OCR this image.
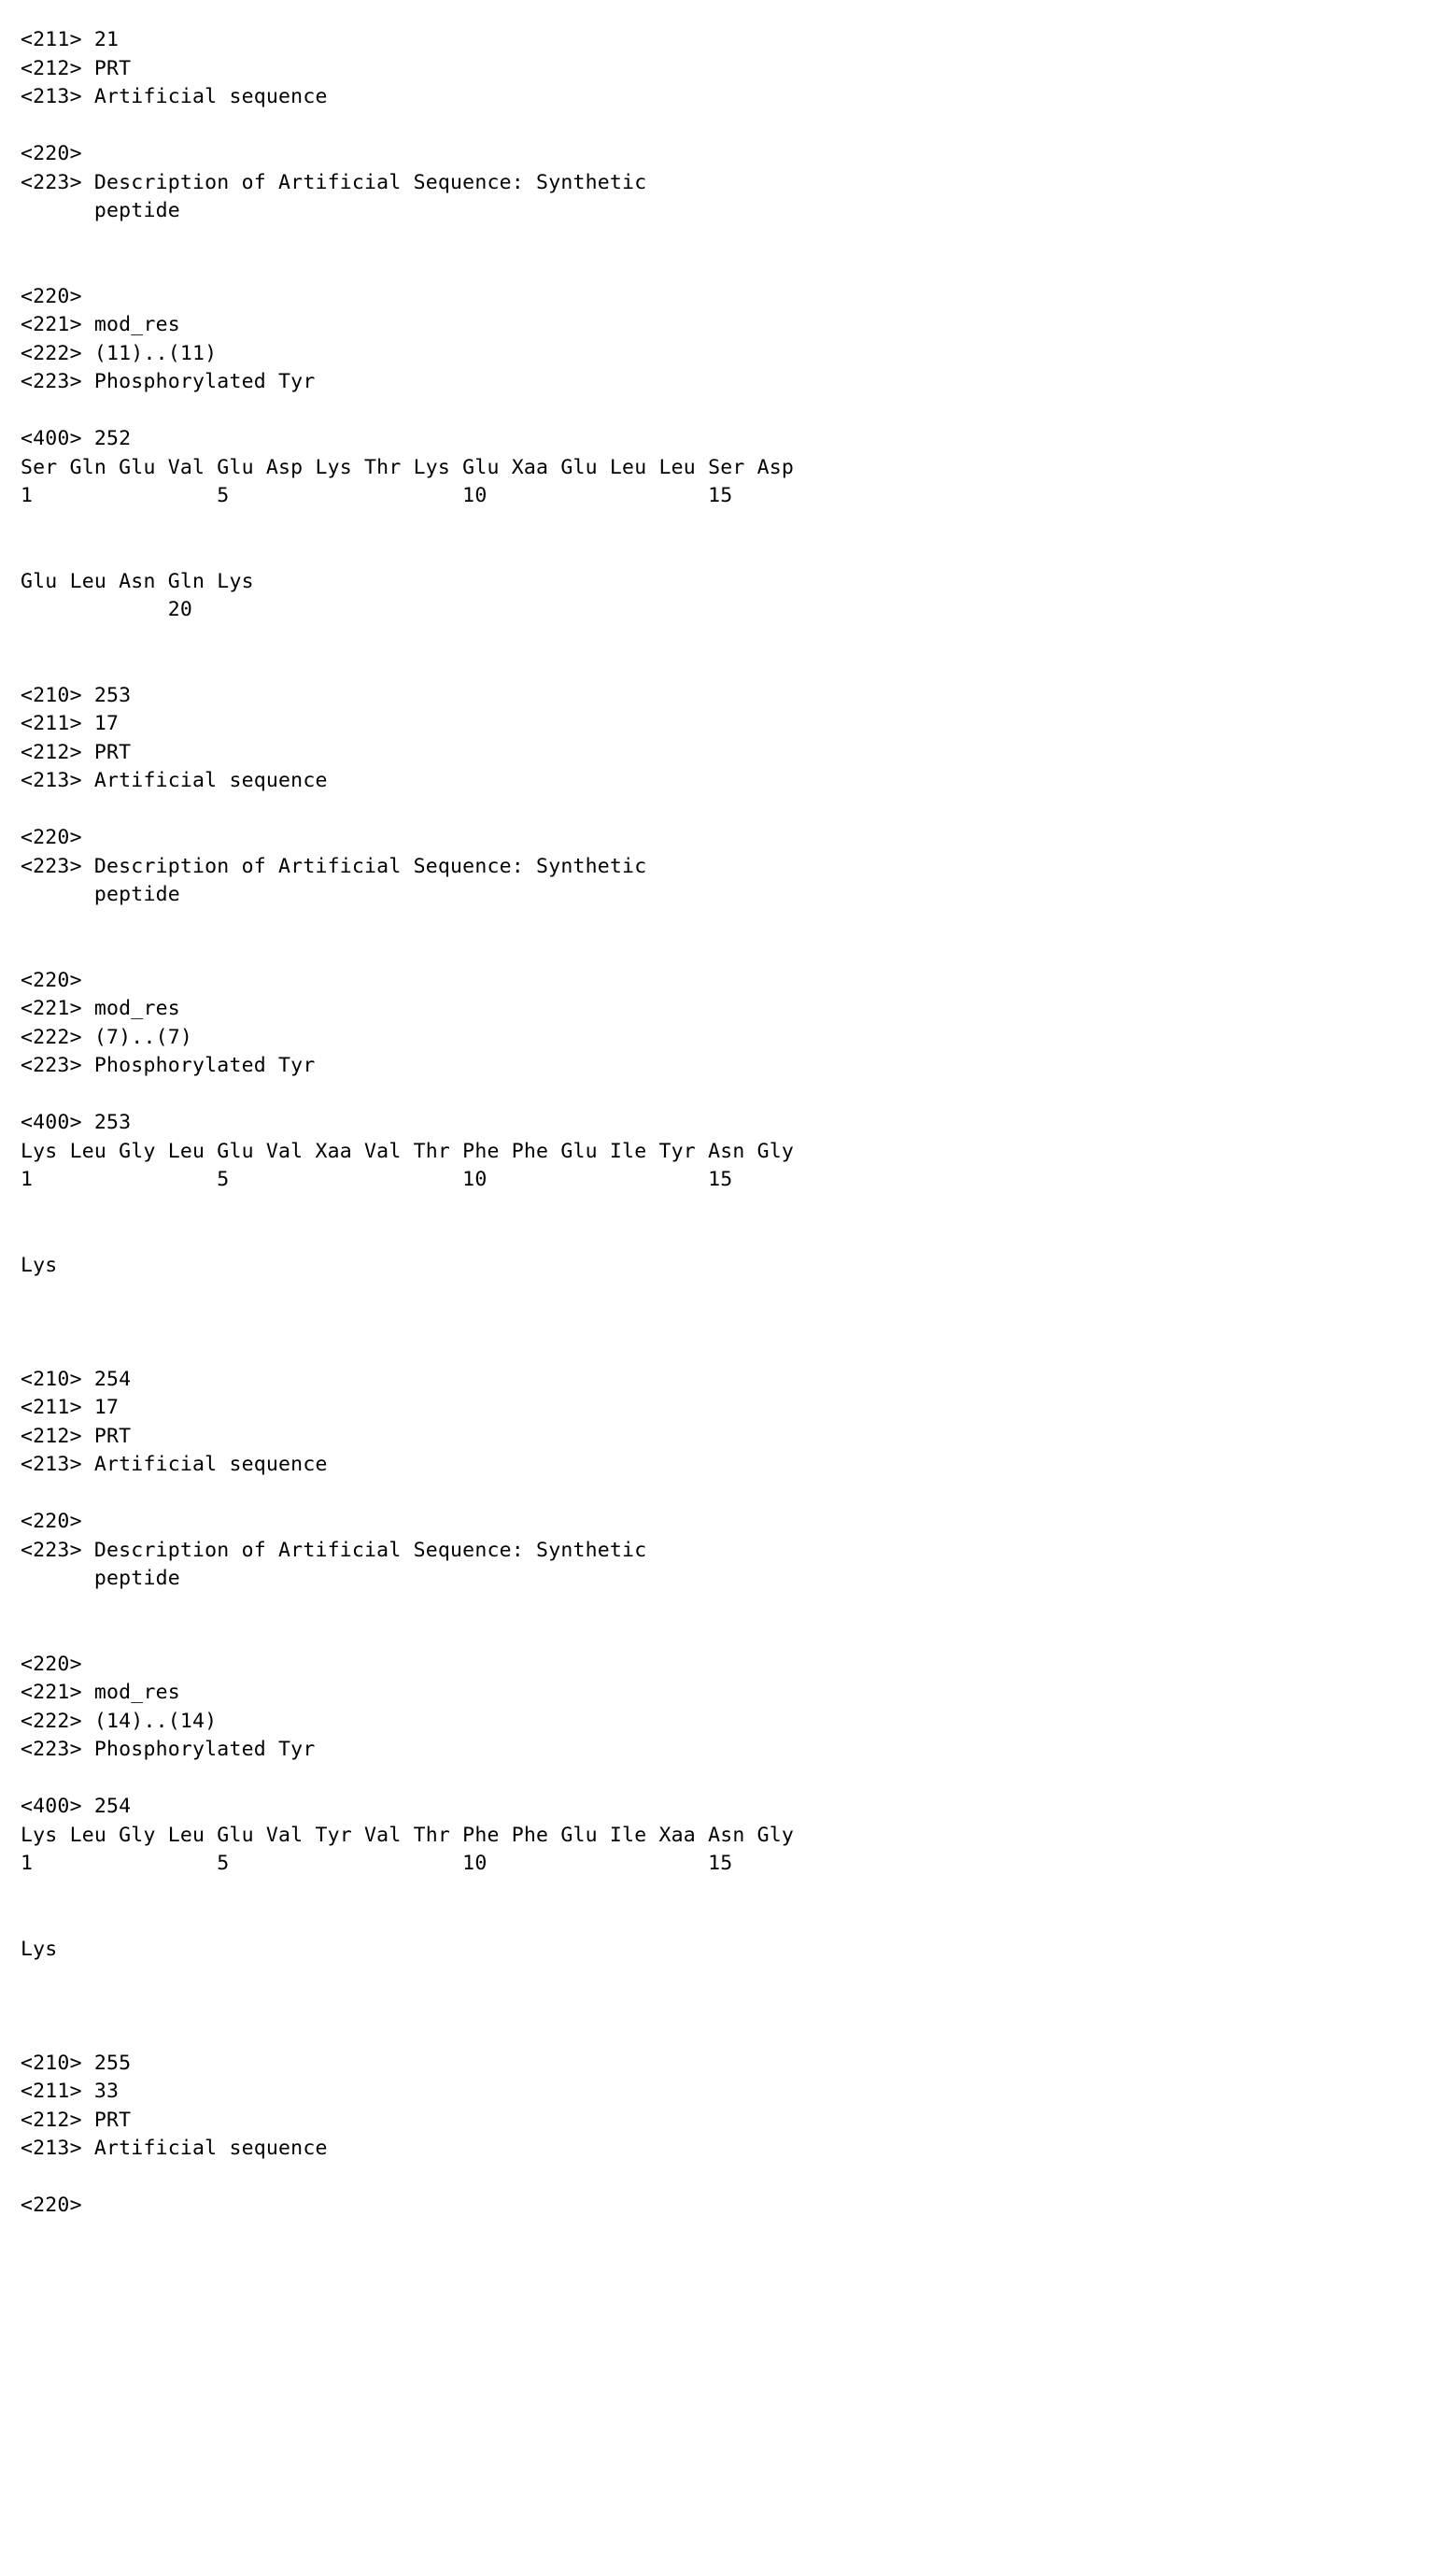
<211> 21
<212> PRT
<213> Artificial sequence
<220>
<223> Description of Artificial Sequence: Synthetic
peptide
<220>
<221> mod_res
<222> (11)..(11)
<223> Phosphorylated Tyr
<400> 252
Ser Gln Glu Val Glu Asp Lys Thr Lys Glu Xaa Glu Leu Leu Ser Asp
1               5                   10                  15
Glu Leu Asn Gln Lys
20
<210> 253
<211> 17
<212> PRT
<213> Artificial sequence
<220>
<223> Description of Artificial Sequence: Synthetic
peptide
<220>
<221> mod_res
<222> (7)..(7)
<223> Phosphorylated Tyr
<400> 253
Lys Leu Gly Leu Glu Val Xaa Val Thr Phe Phe Glu Ile Tyr Asn Gly
1               5                   10                  15
Lys
<210> 254
<211> 17
<212> PRT
<213> Artificial sequence
<220>
<223> Description of Artificial Sequence: Synthetic
peptide
<220>
<221> mod_res
<222> (14)..(14)
<223> Phosphorylated Tyr
<400> 254
Lys Leu Gly Leu Glu Val Tyr Val Thr Phe Phe Glu Ile Xaa Asn Gly
1               5                   10                  15
Lys
<210> 255
<211> 33
<212> PRT
<213> Artificial sequence
<220>
